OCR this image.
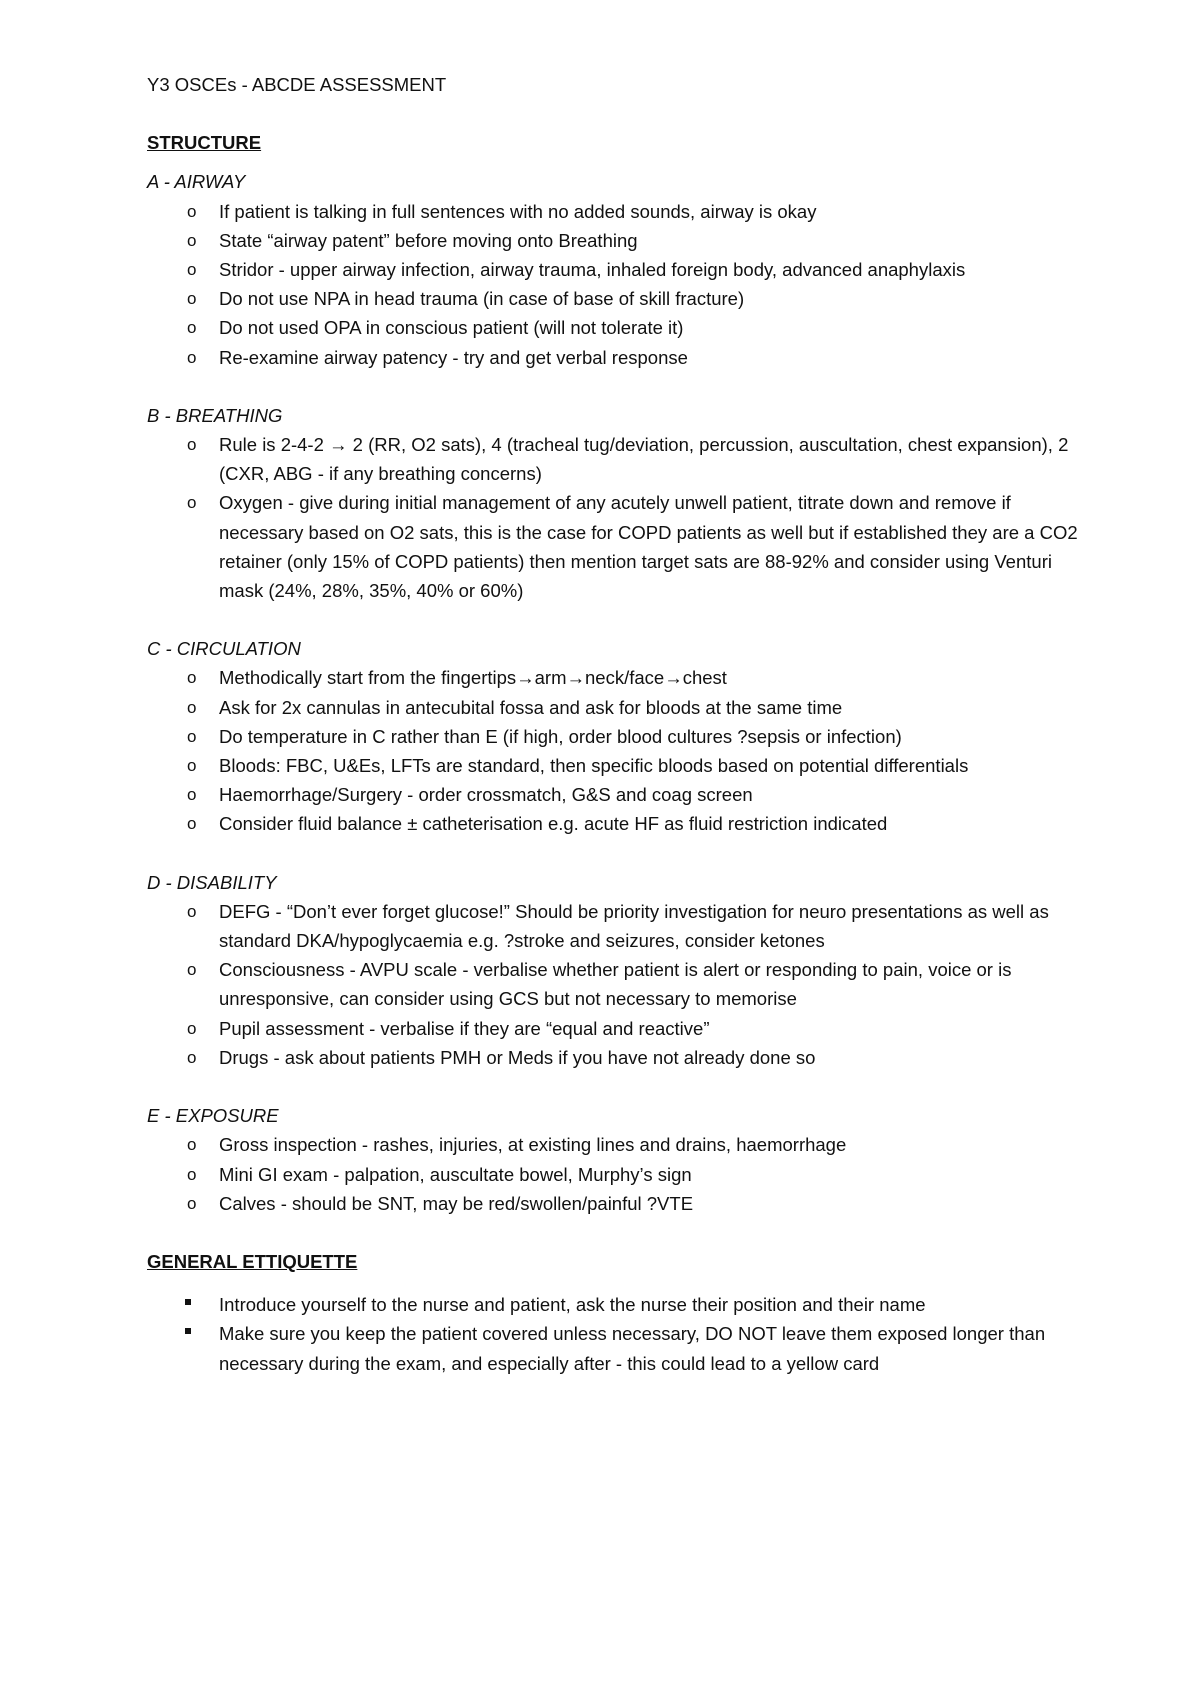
Y3 OSCEs - ABCDE ASSESSMENT
STRUCTURE
A - AIRWAY
o If patient is talking in full sentences with no added sounds, airway is okay
o State “airway patent” before moving onto Breathing
o Stridor - upper airway infection, airway trauma, inhaled foreign body, advanced anaphylaxis
o Do not use NPA in head trauma (in case of base of skill fracture)
o Do not used OPA in conscious patient (will not tolerate it)
o Re-examine airway patency - try and get verbal response
B - BREATHING
o Rule is 2-4-2 → 2 (RR, O2 sats), 4 (tracheal tug/deviation, percussion, auscultation, chest expansion), 2 (CXR, ABG - if any breathing concerns)
o Oxygen - give during initial management of any acutely unwell patient, titrate down and remove if necessary based on O2 sats, this is the case for COPD patients as well but if established they are a CO2 retainer (only 15% of COPD patients) then mention target sats are 88-92% and consider using Venturi mask (24%, 28%, 35%, 40% or 60%)
C - CIRCULATION
o Methodically start from the fingertips→arm→neck/face→chest
o Ask for 2x cannulas in antecubital fossa and ask for bloods at the same time
o Do temperature in C rather than E (if high, order blood cultures ?sepsis or infection)
o Bloods: FBC, U&Es, LFTs are standard, then specific bloods based on potential differentials
o Haemorrhage/Surgery - order crossmatch, G&S and coag screen
o Consider fluid balance ± catheterisation e.g. acute HF as fluid restriction indicated
D - DISABILITY
o DEFG - “Don’t ever forget glucose!” Should be priority investigation for neuro presentations as well as standard DKA/hypoglycaemia e.g. ?stroke and seizures, consider ketones
o Consciousness - AVPU scale - verbalise whether patient is alert or responding to pain, voice or is unresponsive, can consider using GCS but not necessary to memorise
o Pupil assessment - verbalise if they are “equal and reactive”
o Drugs - ask about patients PMH or Meds if you have not already done so
E - EXPOSURE
o Gross inspection - rashes, injuries, at existing lines and drains, haemorrhage
o Mini GI exam - palpation, auscultate bowel, Murphy’s sign
o Calves - should be SNT, may be red/swollen/painful ?VTE
GENERAL ETTIQUETTE
Introduce yourself to the nurse and patient, ask the nurse their position and their name
Make sure you keep the patient covered unless necessary, DO NOT leave them exposed longer than necessary during the exam, and especially after - this could lead to a yellow card
